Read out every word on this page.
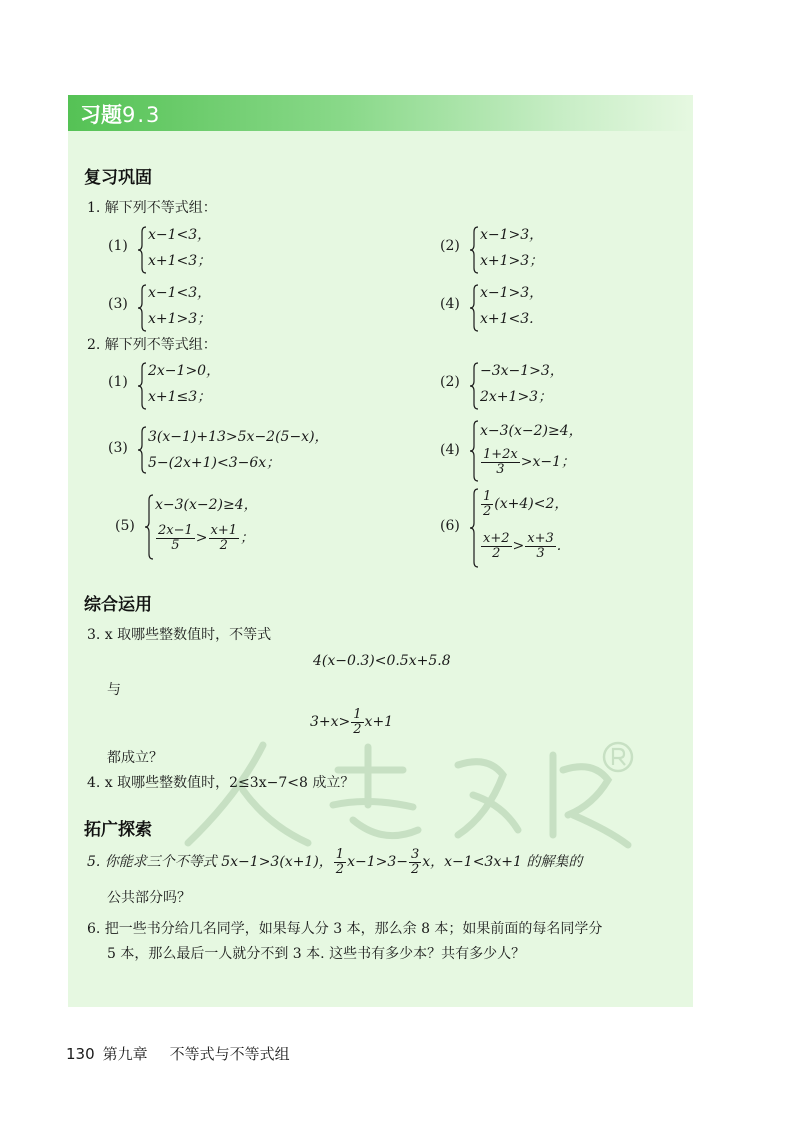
习题9.3
复习巩固
1. 解下列不等式组：
(1)
x−1<3，
x+1<3；
(2)
x−1>3，
x+1>3；
(3)
x−1<3，
x+1>3；
(4)
x−1>3，
x+1<3.
2. 解下列不等式组：
(1)
2x−1>0，
x+1≤3；
(2)
−3x−1>3，
2x+1>3；
(3)
3(x−1)+13>5x−2(5−x)，
5−(2x+1)<3−6x；
(4)
x−3(x−2)≥4，
$\frac{1+2x}{3} >x-1$；
(5)
x−3(x−2)≥4，
$\frac{2x-1}{5} > \frac{x+1}{2}$ ；
(6)
$\frac{1}{2} (x+4)<2$，
$\frac{x+2}{2} > \frac{x+3}{3}$ .
综合运用
3. x 取哪些整数值时，不等式
4(x−0.3)<0.5x+5.8
与
$3+x> \frac{1}{2} x+1$
都成立？
4. x 取哪些整数值时，2≤3x−7<8 成立？
拓广探索
5. 你能求三个不等式 5x−1>3(x+1)， $\frac{1}{2} x-1>3- \frac{3}{2}$ x，x−1<3x+1 的解集的
公共部分吗？
6. 把一些书分给几名同学，如果每人分 3 本，那么余 8 本；如果前面的每名同学分
5 本，那么最后一人就分不到 3 本. 这些书有多少本？共有多少人？
130 第九章 不等式与不等式组
